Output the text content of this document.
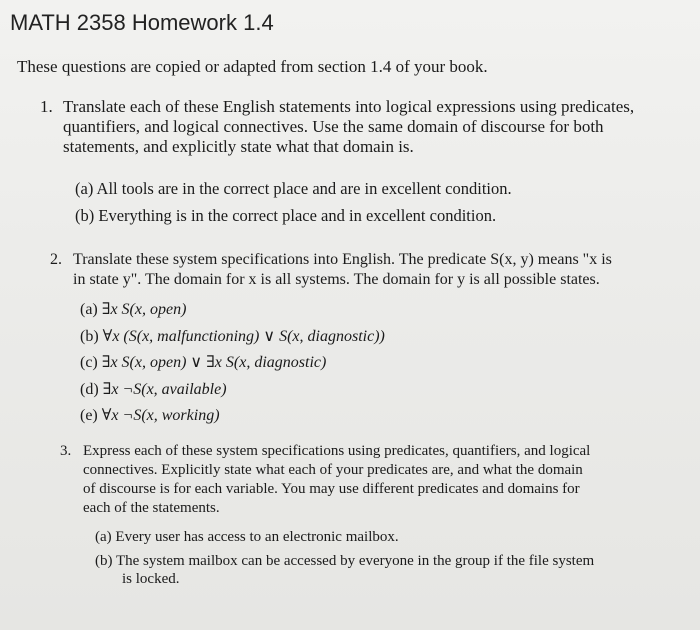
MATH 2358 Homework 1.4
These questions are copied or adapted from section 1.4 of your book.
1. Translate each of these English statements into logical expressions using predicates,
quantifiers, and logical connectives. Use the same domain of discourse for both
statements, and explicitly state what that domain is.
(a) All tools are in the correct place and are in excellent condition.
(b) Everything is in the correct place and in excellent condition.
2. Translate these system specifications into English. The predicate S(x, y) means "x is
in state y". The domain for x is all systems. The domain for y is all possible states.
(a) ∃x S(x, open)
(b) ∀x (S(x, malfunctioning) ∨ S(x, diagnostic))
(c) ∃x S(x, open) ∨ ∃x S(x, diagnostic)
(d) ∃x ¬S(x, available)
(e) ∀x ¬S(x, working)
3. Express each of these system specifications using predicates, quantifiers, and logical
connectives. Explicitly state what each of your predicates are, and what the domain
of discourse is for each variable. You may use different predicates and domains for
each of the statements.
(a) Every user has access to an electronic mailbox.
(b) The system mailbox can be accessed by everyone in the group if the file system
is locked.
